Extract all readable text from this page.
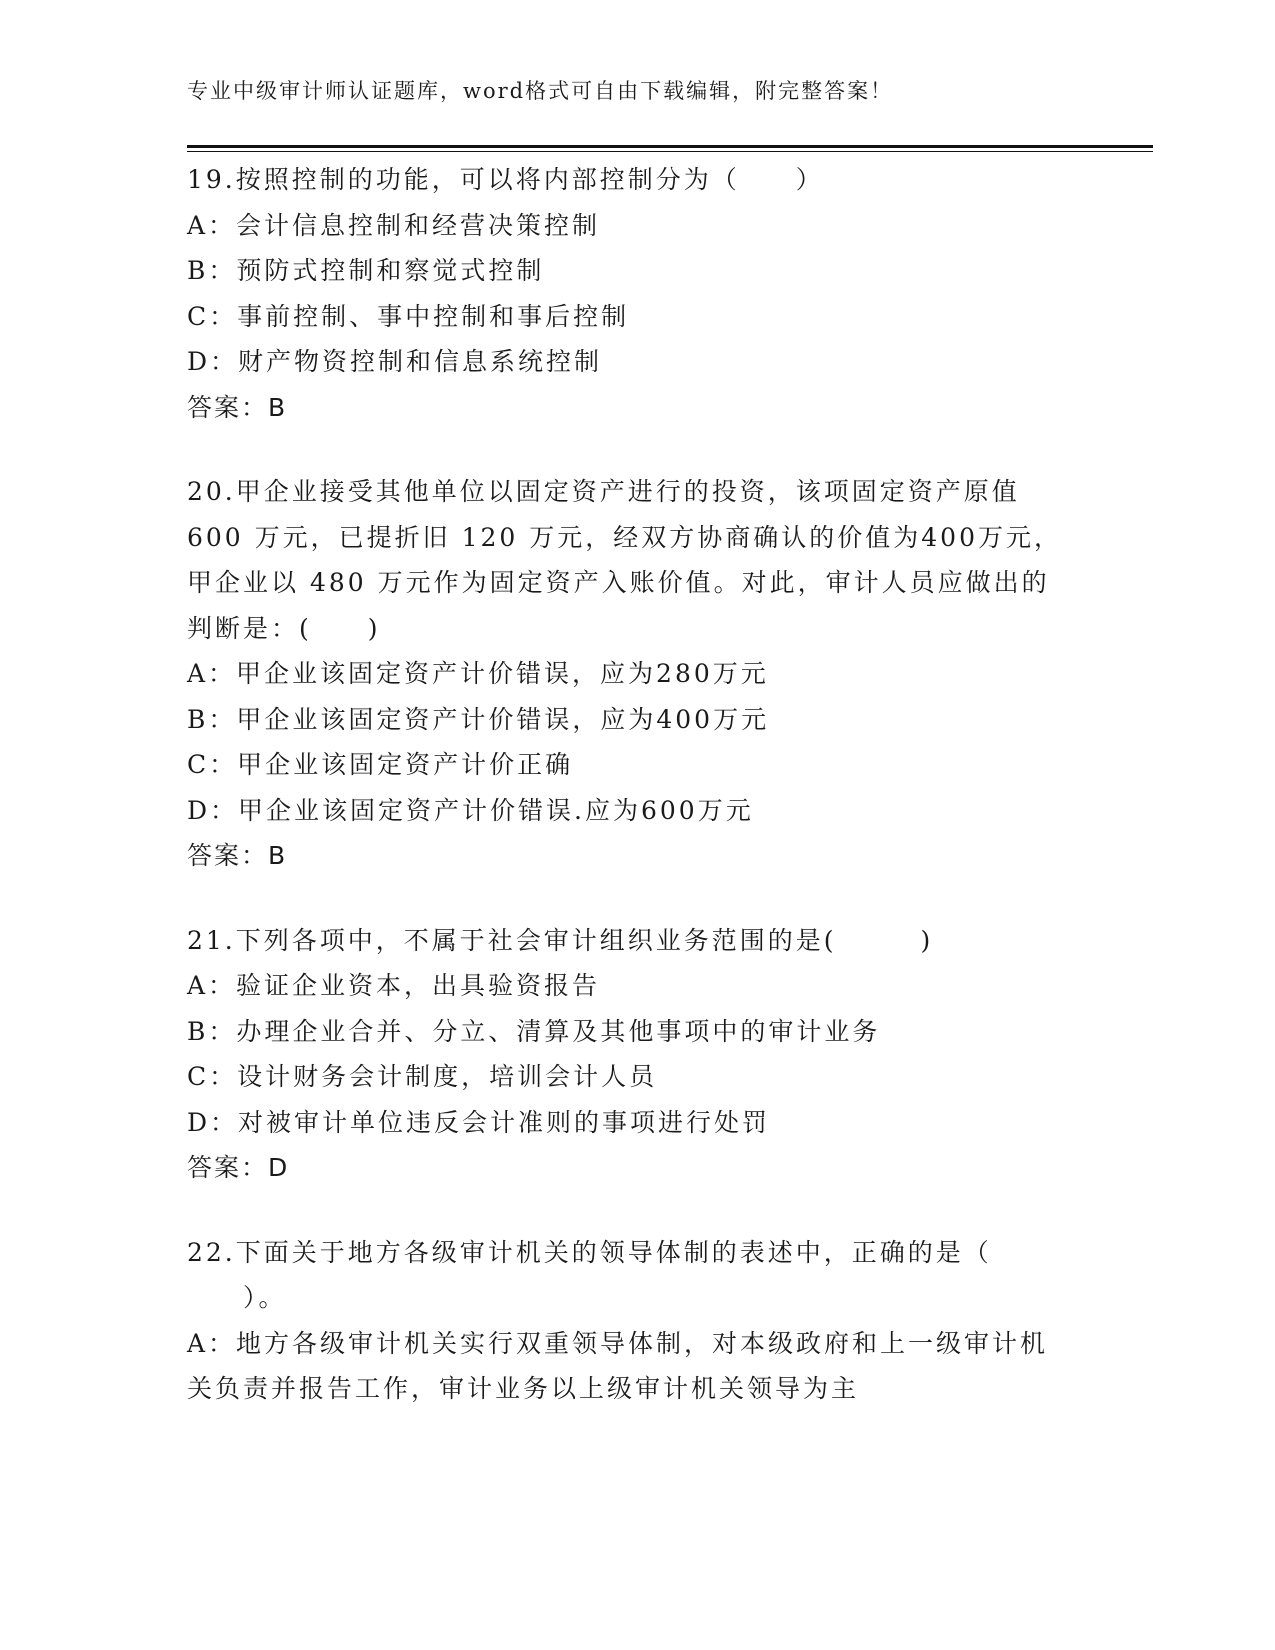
专业中级审计师认证题库，word格式可自由下载编辑，附完整答案！
19.按照控制的功能，可以将内部控制分为（　　）
A：会计信息控制和经营决策控制
B：预防式控制和察觉式控制
C：事前控制、事中控制和事后控制
D：财产物资控制和信息系统控制
答案：B
20.甲企业接受其他单位以固定资产进行的投资，该项固定资产原值
600 万元，已提折旧 120 万元，经双方协商确认的价值为400万元，
甲企业以 480 万元作为固定资产入账价值。对此，审计人员应做出的
判断是：(　　)
A：甲企业该固定资产计价错误，应为280万元
B：甲企业该固定资产计价错误，应为400万元
C：甲企业该固定资产计价正确
D：甲企业该固定资产计价错误.应为600万元
答案：B
21.下列各项中，不属于社会审计组织业务范围的是(　　　)
A：验证企业资本，出具验资报告
B：办理企业合并、分立、清算及其他事项中的审计业务
C：设计财务会计制度，培训会计人员
D：对被审计单位违反会计准则的事项进行处罚
答案：D
22.下面关于地方各级审计机关的领导体制的表述中，正确的是（
　　）。
A：地方各级审计机关实行双重领导体制，对本级政府和上一级审计机
关负责并报告工作，审计业务以上级审计机关领导为主
